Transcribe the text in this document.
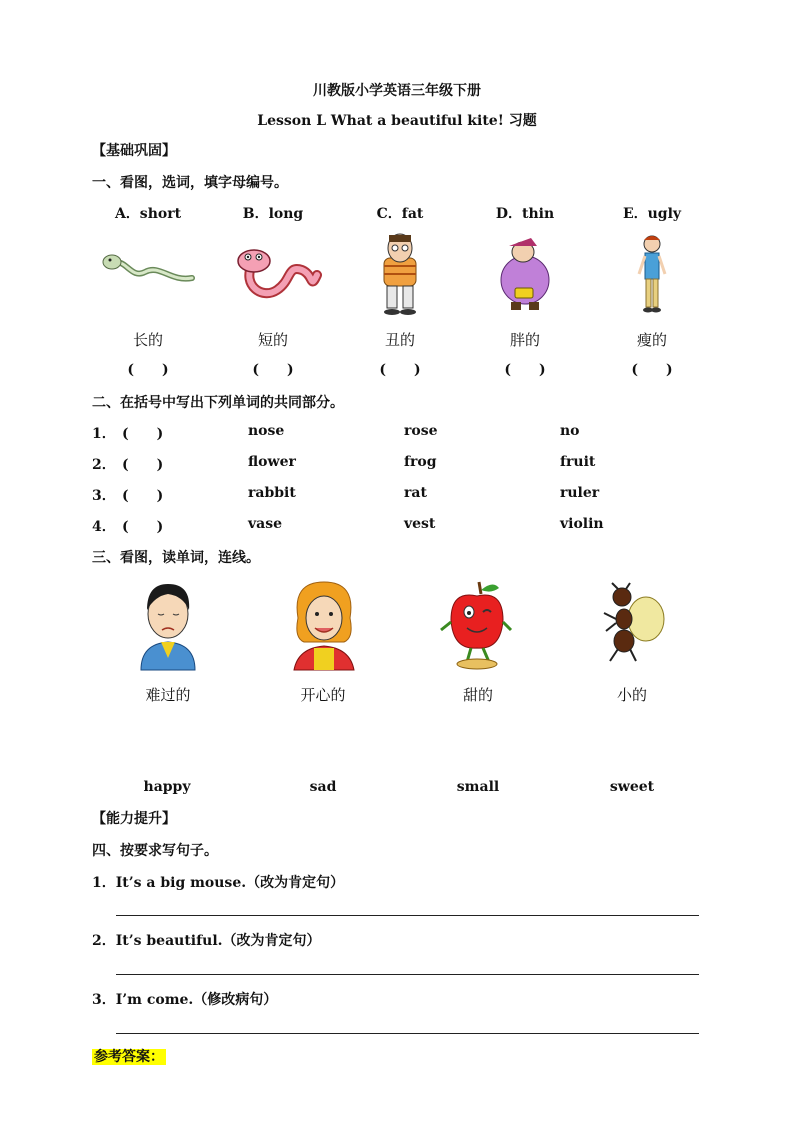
川教版小学英语三年级下册
Lesson L What a beautiful kite! 习题
【基础巩固】
一、看图，选词，填字母编号。
A．short	B．long	C．fat	D．thin	E．ugly
长的	短的	丑的	胖的	瘦的
(　　)	(　　)	(　　)	(　　)	(　　)
二、在括号中写出下列单词的共同部分。
1． (　　)	nose	rose	no
2． (　　)	flower	frog	fruit
3． (　　)	rabbit	rat	ruler
4． (　　)	vase	vest	violin
三、看图，读单词，连线。
难过的	开心的	甜的	小的
happy	sad	small	sweet
【能力提升】
四、按要求写句子。
1．It’s a big mouse.（改为肯定句）
2．It’s beautiful.（改为肯定句）
3．I’m come.（修改病句）
参考答案：
